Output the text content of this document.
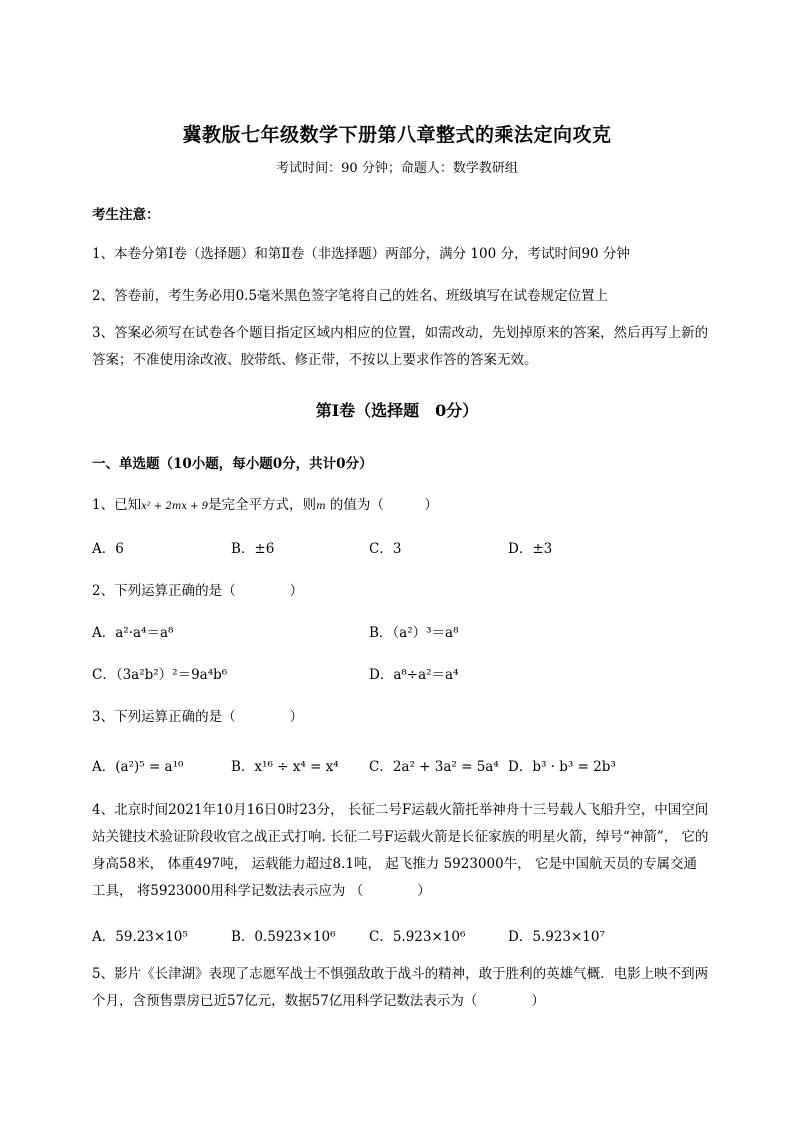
冀教版七年级数学下册第八章整式的乘法定向攻克
考试时间：90 分钟；命题人：数学教研组
考生注意：
1、本卷分第Ⅰ卷（选择题）和第Ⅱ卷（非选择题）两部分，满分 100 分，考试时间90 分钟
2、答卷前，考生务必用0.5毫米黑色签字笔将自己的姓名、班级填写在试卷规定位置上
3、答案必须写在试卷各个题目指定区域内相应的位置，如需改动，先划掉原来的答案，然后再写上新的答案；不准使用涂改液、胶带纸、修正带，不按以上要求作答的答案无效。
第Ⅰ卷（选择题　0分）
一、单选题（10小题，每小题0分，共计0分）
1、已知x² + 2mx + 9是完全平方式，则m 的值为（　　　）
A．6	B．±6	C．3	D．±3
2、下列运算正确的是（　　　　）
A．a²·a⁴＝a⁸	B．（a²）³＝a⁸
C．（3a²b²）²＝9a⁴b⁶	D．a⁸÷a²＝a⁴
3、下列运算正确的是（　　　　）
A．(a²)⁵ = a¹⁰	B．x¹⁶ ÷ x⁴ = x⁴ C．2a² + 3a² = 5a⁴ D．b³ · b³ = 2b³
4、北京时间2021年10月16日0时23分， 长征二号F运载火箭托举神舟十三号载人飞船升空，中国空间站关键技术验证阶段收官之战正式打响. 长征二号F运载火箭是长征家族的明星火箭，绰号“神箭”， 它的身高58米， 体重497吨， 运载能力超过8.1吨， 起飞推力 5923000牛， 它是中国航天员的专属交通工具， 将5923000用科学记数法表示应为 （　　　　）
A．59.23×10⁵	B．0.5923×10⁶ C．5.923×10⁶	D．5.923×10⁷
5、影片《长津湖》表现了志愿军战士不惧强敌敢于战斗的精神，敢于胜利的英雄气概．电影上映不到两个月，含预售票房已近57亿元，数据57亿用科学记数法表示为（　　　　）
